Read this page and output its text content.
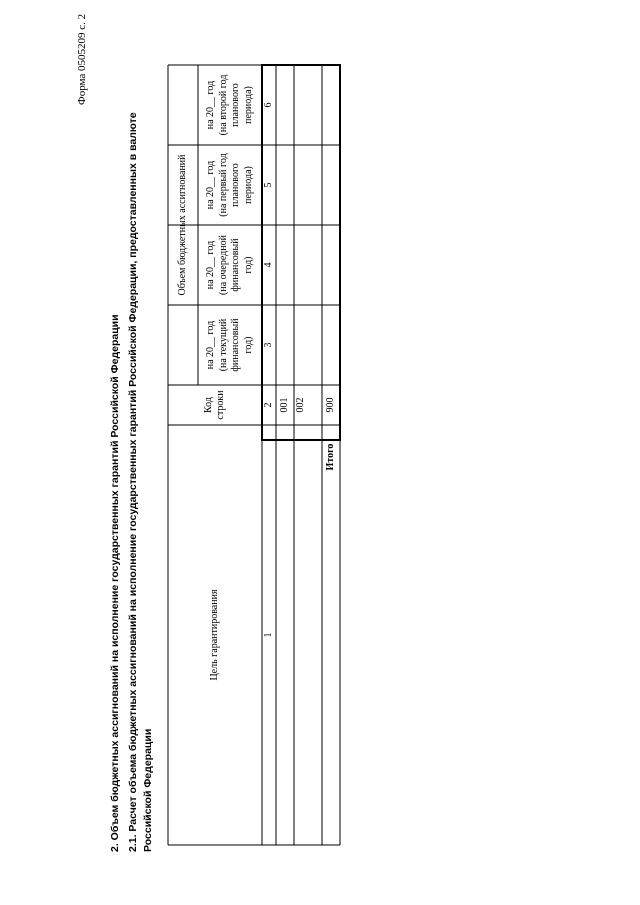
Форма 0505209 с. 2
2. Объем бюджетных ассигнований на исполнение государственных гарантий Российской Федерации 2.1. Расчет объема бюджетных ассигнований на исполнение государственных гарантий Российской Федерации, предоставленных в валюте Российской Федерации
Цель гарантирования
Код строки
Объем бюджетных ассигнований
на 20__ год (на текущий финансовый год)
на 20__ год (на очередной финансовый год)
на 20__ год (на первый год планового периода)
на 20__ год (на второй год планового периода)
1
2
3
4
5
6
001 002
Итого
900
